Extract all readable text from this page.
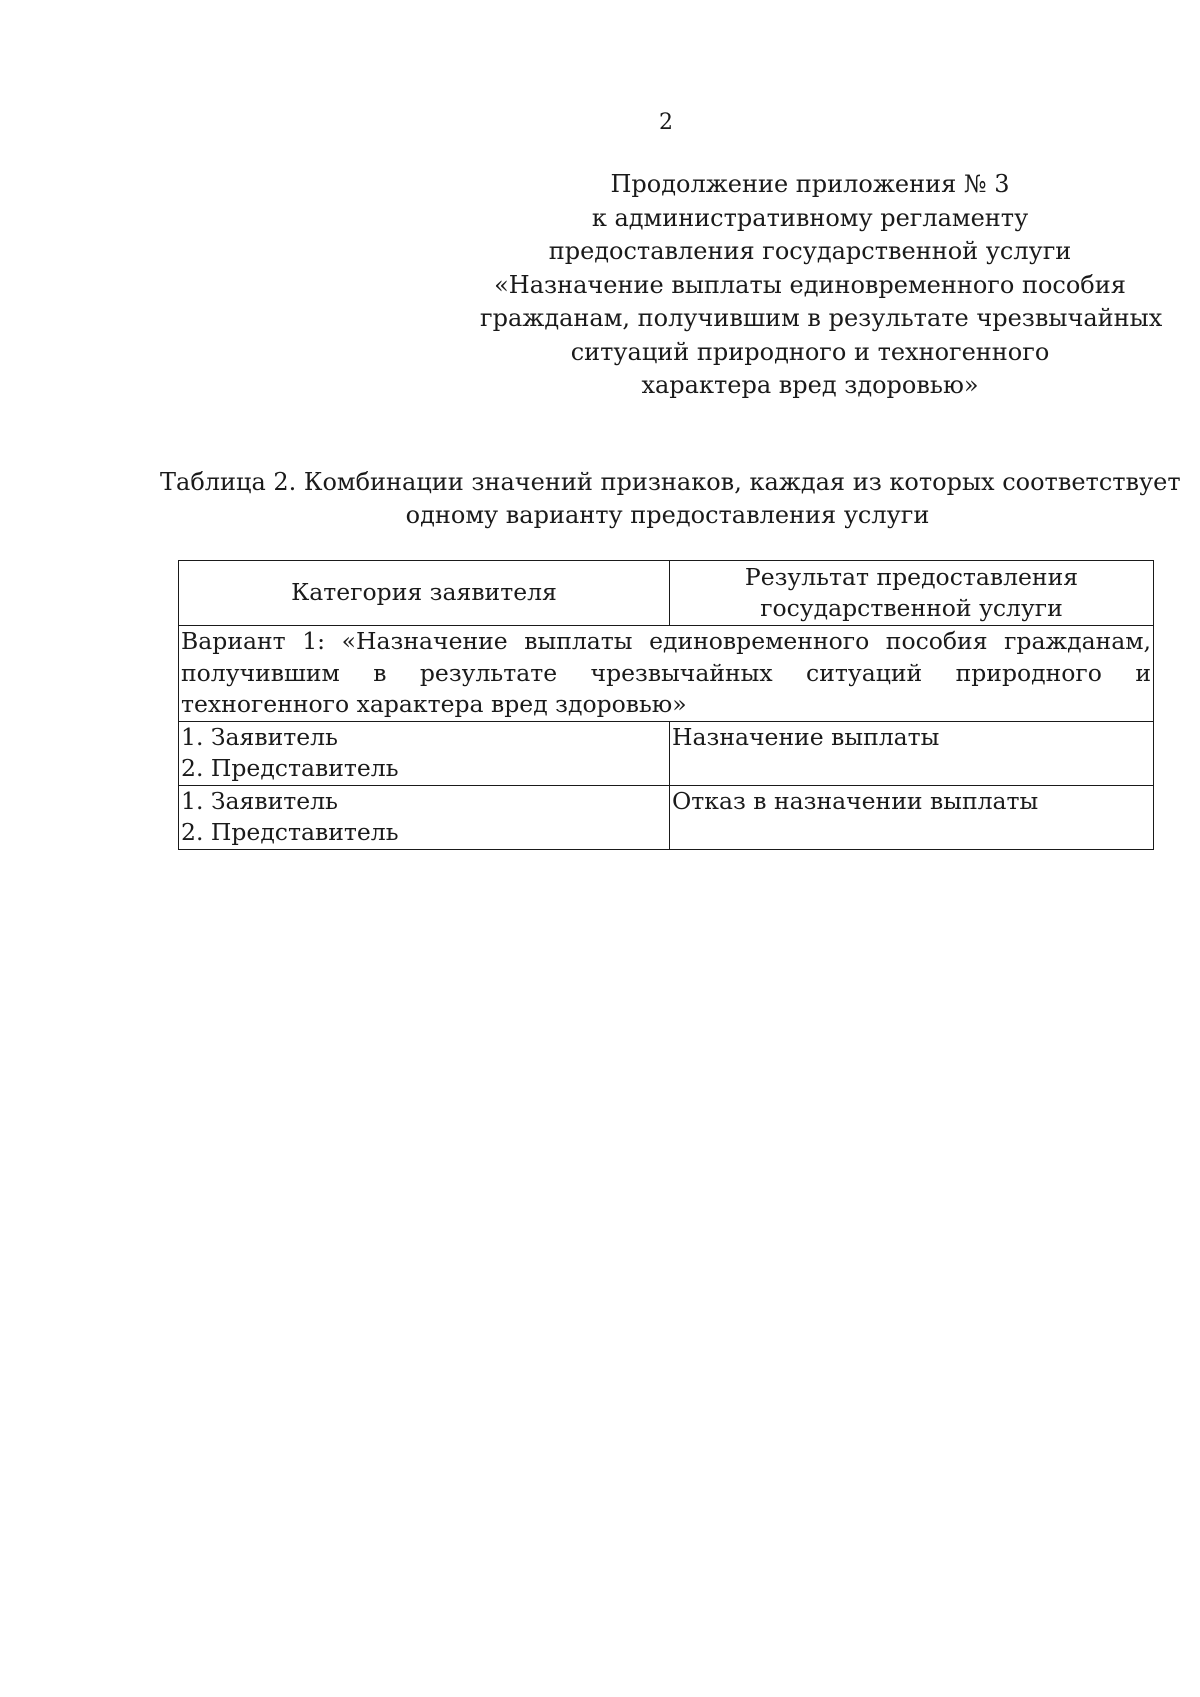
2
Продолжение приложения № 3
к административному регламенту
предоставления государственной услуги
«Назначение выплаты единовременного пособия
гражданам, получившим в результате чрезвычайных
ситуаций природного и техногенного
характера вред здоровью»
Таблица 2. Комбинации значений признаков, каждая из которых соответствует
одному варианту предоставления услуги
Категория заявителя	Результат предоставления
государственной услуги

Вариант 1: «Назначение выплаты единовременного пособия гражданам, получившим в результате чрезвычайных ситуаций природного и техногенного характера вред здоровью»	

1. Заявитель
2. Представитель	Назначение выплаты

1. Заявитель
2. Представитель	Отказ в назначении выплаты
